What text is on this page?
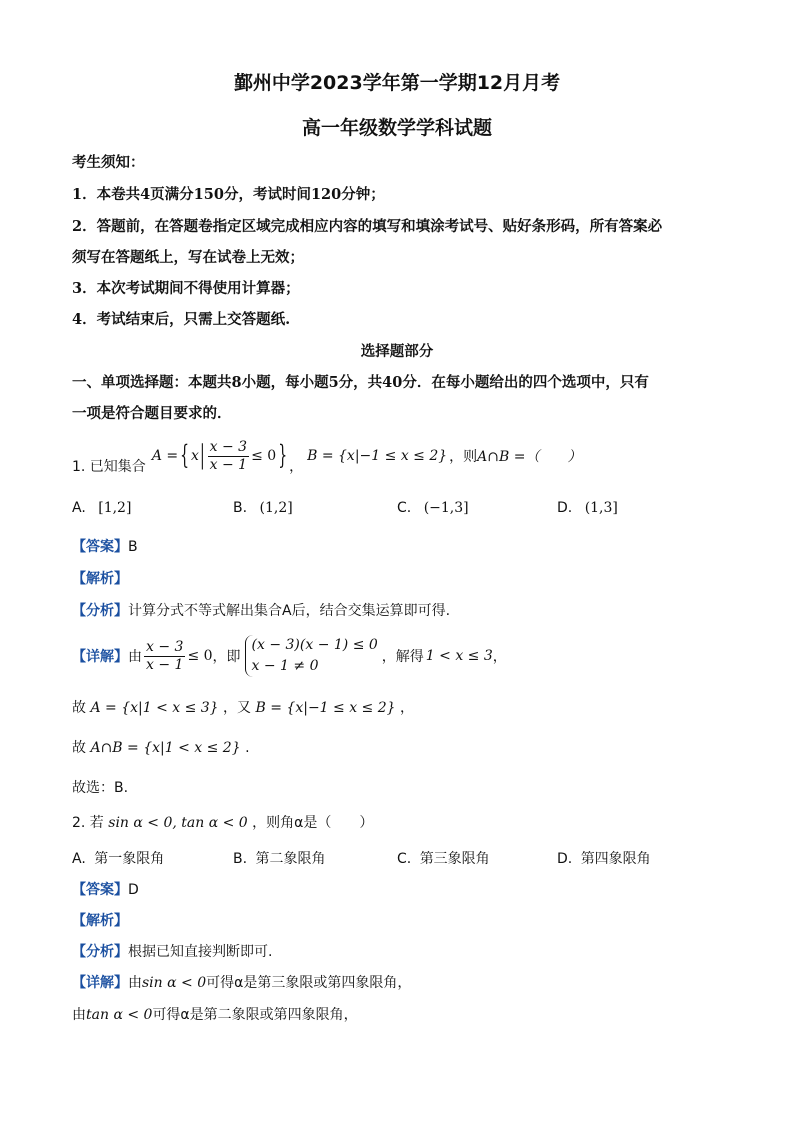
鄞州中学2023学年第一学期12月月考
高一年级数学学科试题
考生须知：
1．本卷共4页满分150分，考试时间120分钟；
2．答题前，在答题卷指定区域完成相应内容的填写和填涂考试号、贴好条形码，所有答案必
须写在答题纸上，写在试卷上无效；
3．本次考试期间不得使用计算器；
4．考试结束后，只需上交答题纸.
选择题部分
一、单项选择题：本题共8小题，每小题5分，共40分．在每小题给出的四个选项中，只有
一项是符合题目要求的．
1. 已知集合
A = { x | $\frac{x - 3}{x - 1} \le 0$ } ，
B = {x|−1 ≤ x ≤ 2} ，则 A∩B =（　　）
A. [1,2]	B. (1,2]	C. (−1,3]	D. (1,3]
【答案】B
【解析】
【分析】计算分式不等式解出集合A后，结合交集运算即可得.
【详解】 由 $\frac{x - 3}{x - 1} \le 0$ ，即
(x − 3)(x − 1) ≤ 0
x − 1 ≠ 0
，解得 1 < x ≤ 3 ，
故 A = {x|1 < x ≤ 3} ，又 B = {x|−1 ≤ x ≤ 2} ，
故 A∩B = {x|1 < x ≤ 2} .
故选：B.
2. 若 sin α < 0, tan α < 0 ，则角α是（　　）
A. 第一象限角	B. 第二象限角	C. 第三象限角	D. 第四象限角
【答案】D
【解析】
【分析】根据已知直接判断即可.
【详解】由sin α < 0可得α是第三象限或第四象限角，
由tan α < 0可得α是第二象限或第四象限角，
